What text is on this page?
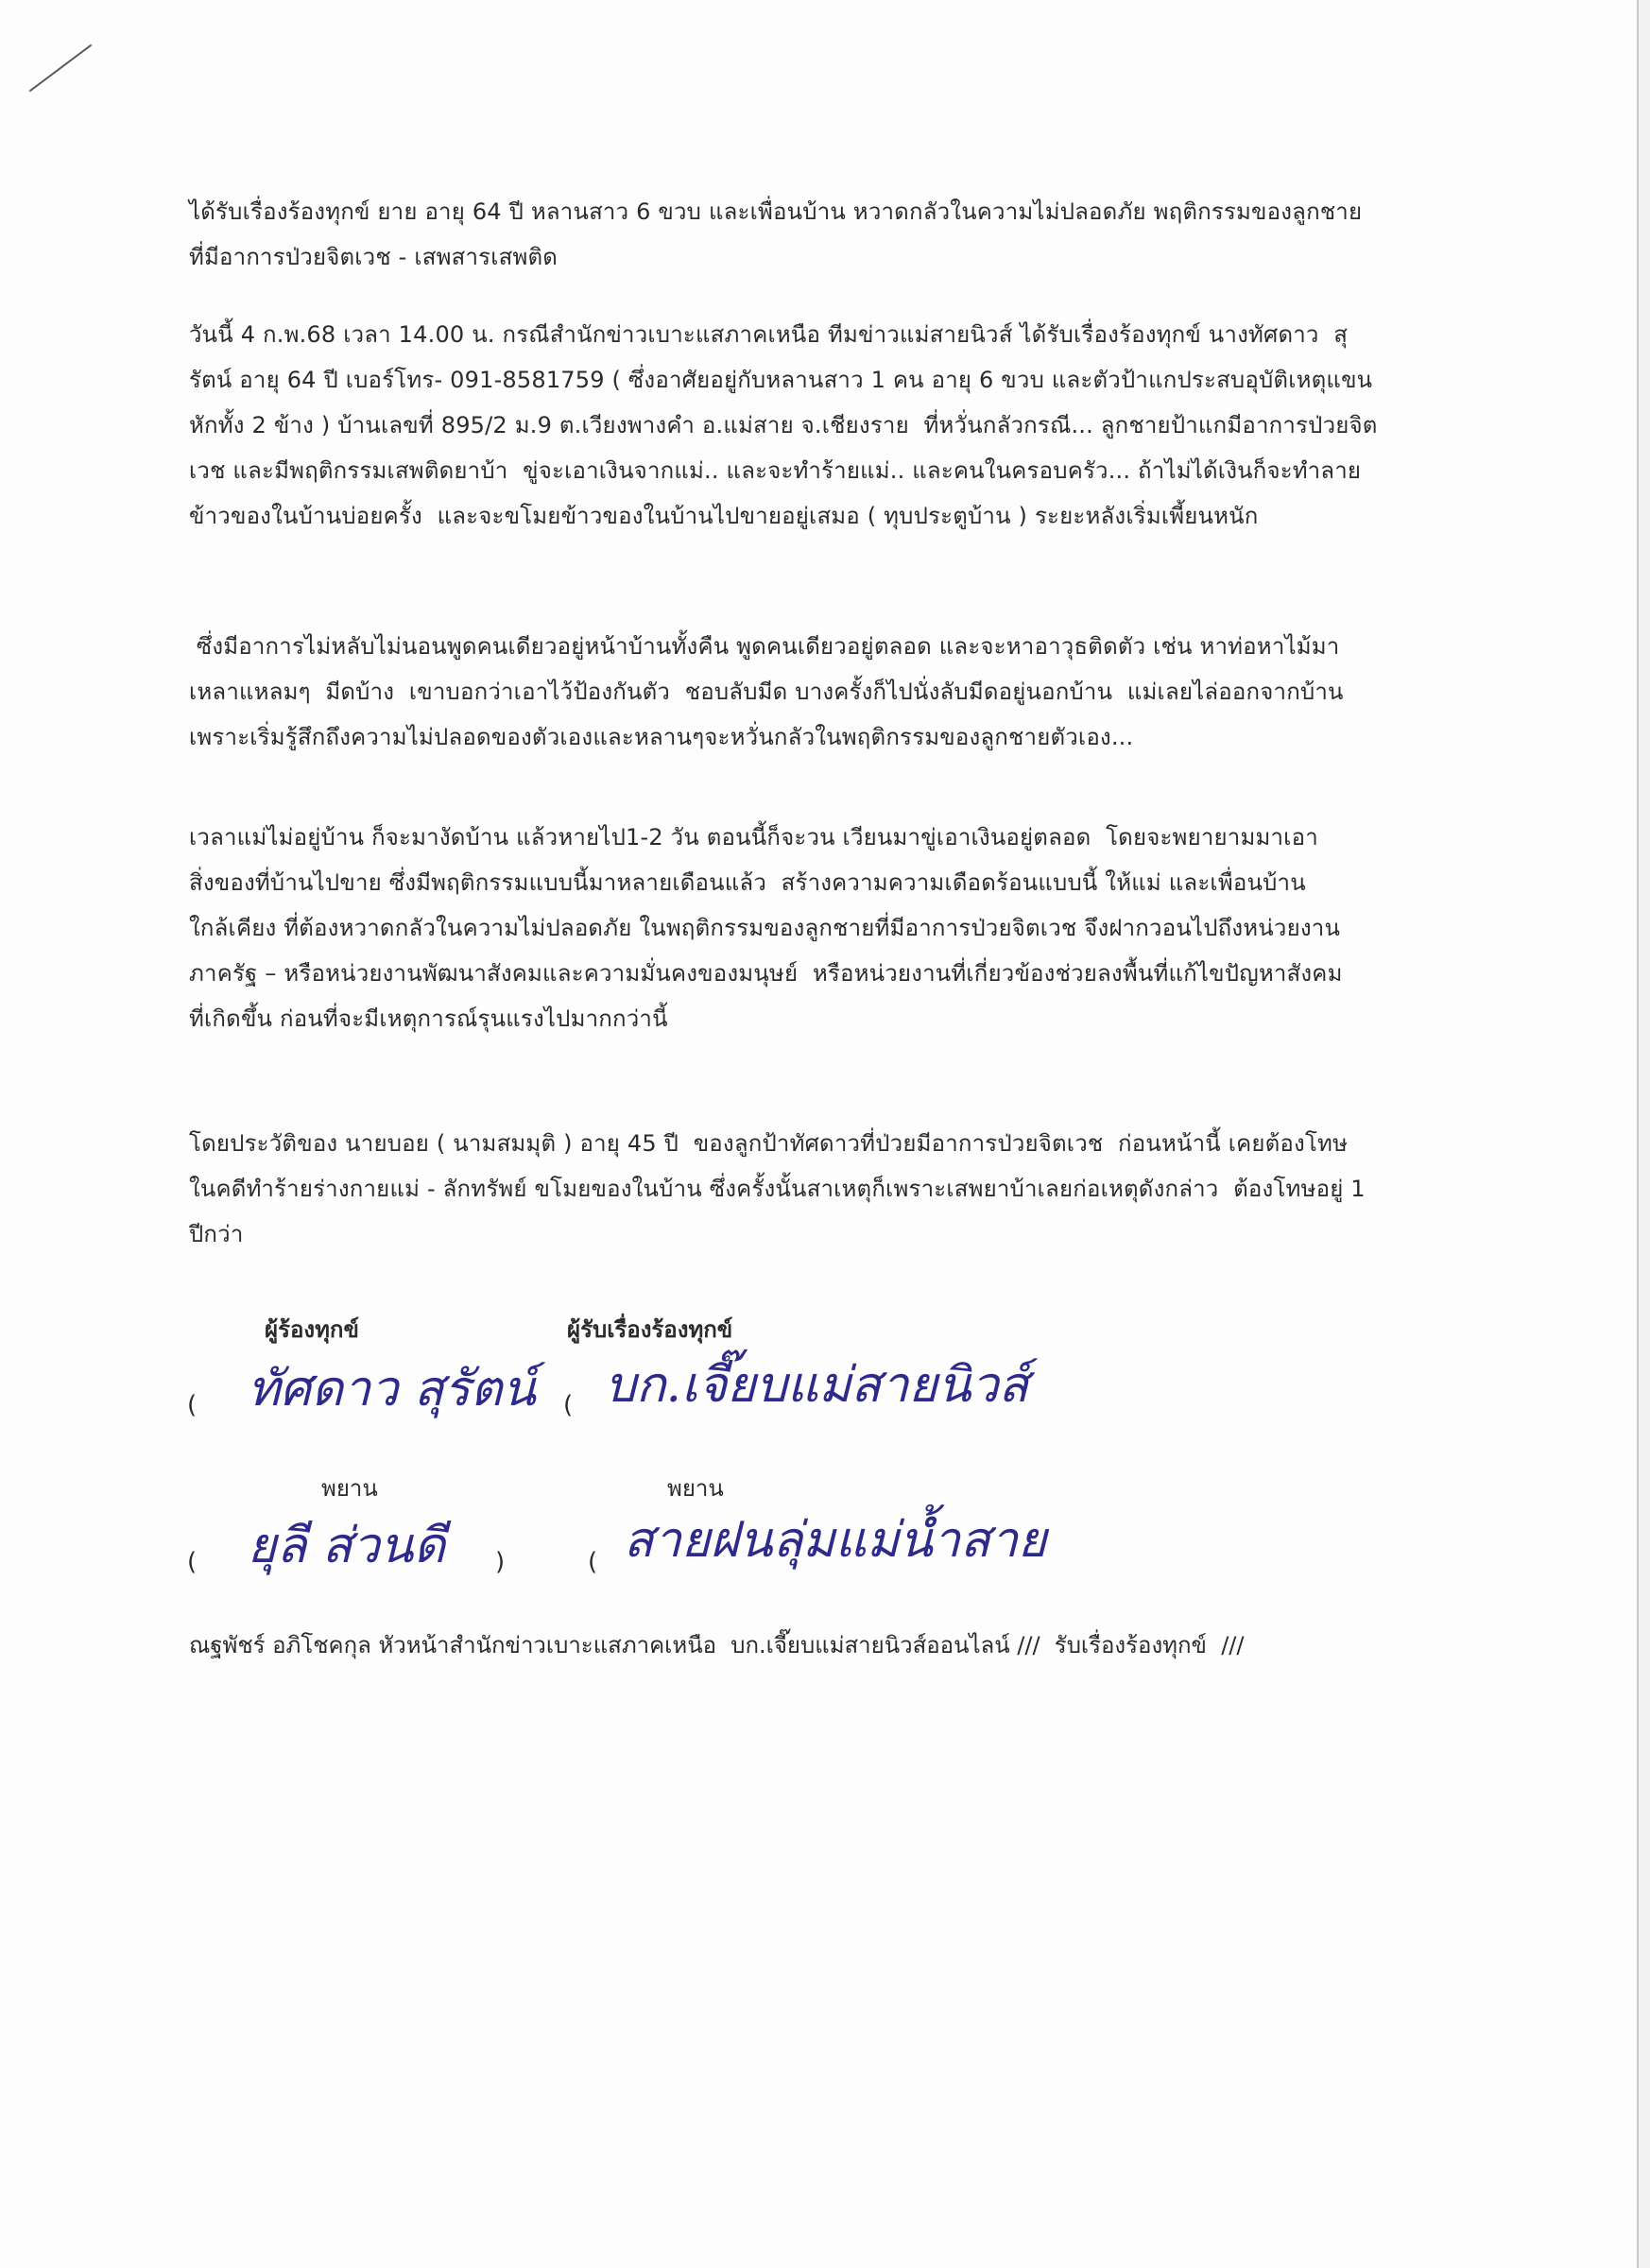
ได้รับเรื่องร้องทุกข์ ยาย อายุ 64 ปี หลานสาว 6 ขวบ และเพื่อนบ้าน หวาดกลัวในความไม่ปลอดภัย พฤติกรรมของลูกชาย

ที่มีอาการป่วยจิตเวช - เสพสารเสพติด

วันนี้ 4 ก.พ.68 เวลา 14.00 น. กรณีสำนักข่าวเบาะแสภาคเหนือ ทีมข่าวแม่สายนิวส์ ได้รับเรื่องร้องทุกข์ นางทัศดาว  สุ

รัตน์ อายุ 64 ปี เบอร์โทร- 091-8581759 ( ซึ่งอาศัยอยู่กับหลานสาว 1 คน อายุ 6 ขวบ และตัวป้าแกประสบอุบัติเหตุแขน

หักทั้ง 2 ข้าง ) บ้านเลขที่ 895/2 ม.9 ต.เวียงพางคำ อ.แม่สาย จ.เชียงราย  ที่หวั่นกลัวกรณี... ลูกชายป้าแกมีอาการป่วยจิต

เวช และมีพฤติกรรมเสพติดยาบ้า  ขู่จะเอาเงินจากแม่.. และจะทำร้ายแม่.. และคนในครอบครัว... ถ้าไม่ได้เงินก็จะทำลาย

ข้าวของในบ้านบ่อยครั้ง  และจะขโมยข้าวของในบ้านไปขายอยู่เสมอ ( ทุบประตูบ้าน ) ระยะหลังเริ่มเพี้ยนหนัก

ซึ่งมีอาการไม่หลับไม่นอนพูดคนเดียวอยู่หน้าบ้านทั้งคืน พูดคนเดียวอยู่ตลอด และจะหาอาวุธติดตัว เช่น หาท่อหาไม้มา

เหลาแหลมๆ  มีดบ้าง  เขาบอกว่าเอาไว้ป้องกันตัว  ชอบลับมีด บางครั้งก็ไปนั่งลับมีดอยู่นอกบ้าน  แม่เลยไล่ออกจากบ้าน

เพราะเริ่มรู้สึกถึงความไม่ปลอดของตัวเองและหลานๆจะหวั่นกลัวในพฤติกรรมของลูกชายตัวเอง...

เวลาแม่ไม่อยู่บ้าน ก็จะมางัดบ้าน แล้วหายไป1-2 วัน ตอนนี้ก็จะวน เวียนมาขู่เอาเงินอยู่ตลอด  โดยจะพยายามมาเอา

สิ่งของที่บ้านไปขาย ซึ่งมีพฤติกรรมแบบนี้มาหลายเดือนแล้ว  สร้างความความเดือดร้อนแบบนี้ ให้แม่ และเพื่อนบ้าน

ใกล้เคียง ที่ต้องหวาดกลัวในความไม่ปลอดภัย ในพฤติกรรมของลูกชายที่มีอาการป่วยจิตเวช จึงฝากวอนไปถึงหน่วยงาน

ภาครัฐ – หรือหน่วยงานพัฒนาสังคมและความมั่นคงของมนุษย์  หรือหน่วยงานที่เกี่ยวข้องช่วยลงพื้นที่แก้ไขปัญหาสังคม

ที่เกิดขึ้น ก่อนที่จะมีเหตุการณ์รุนแรงไปมากกว่านี้

โดยประวัติของ นายบอย ( นามสมมุติ ) อายุ 45 ปี  ของลูกป้าทัศดาวที่ป่วยมีอาการป่วยจิตเวช  ก่อนหน้านี้ เคยต้องโทษ

ในคดีทำร้ายร่างกายแม่ - ลักทรัพย์ ขโมยของในบ้าน ซึ่งครั้งนั้นสาเหตุก็เพราะเสพยาบ้าเลยก่อเหตุดังกล่าว  ต้องโทษอยู่ 1

ปีกว่า

ผู้ร้องทุกข์	ผู้รับเรื่องร้องทุกข์
( ทัศดาว สุรัตน์ ( บก.เจี๊ยบแม่สายนิวส์
พยาน	พยาน
( ยุลี ส่วนดี )	( สายฝนลุ่มแม่น้ำสาย
ณฐพัชร์ อภิโชคกุล หัวหน้าสำนักข่าวเบาะแสภาคเหนือ  บก.เจี๊ยบแม่สายนิวส์ออนไลน์ ///  รับเรื่องร้องทุกข์  ///
